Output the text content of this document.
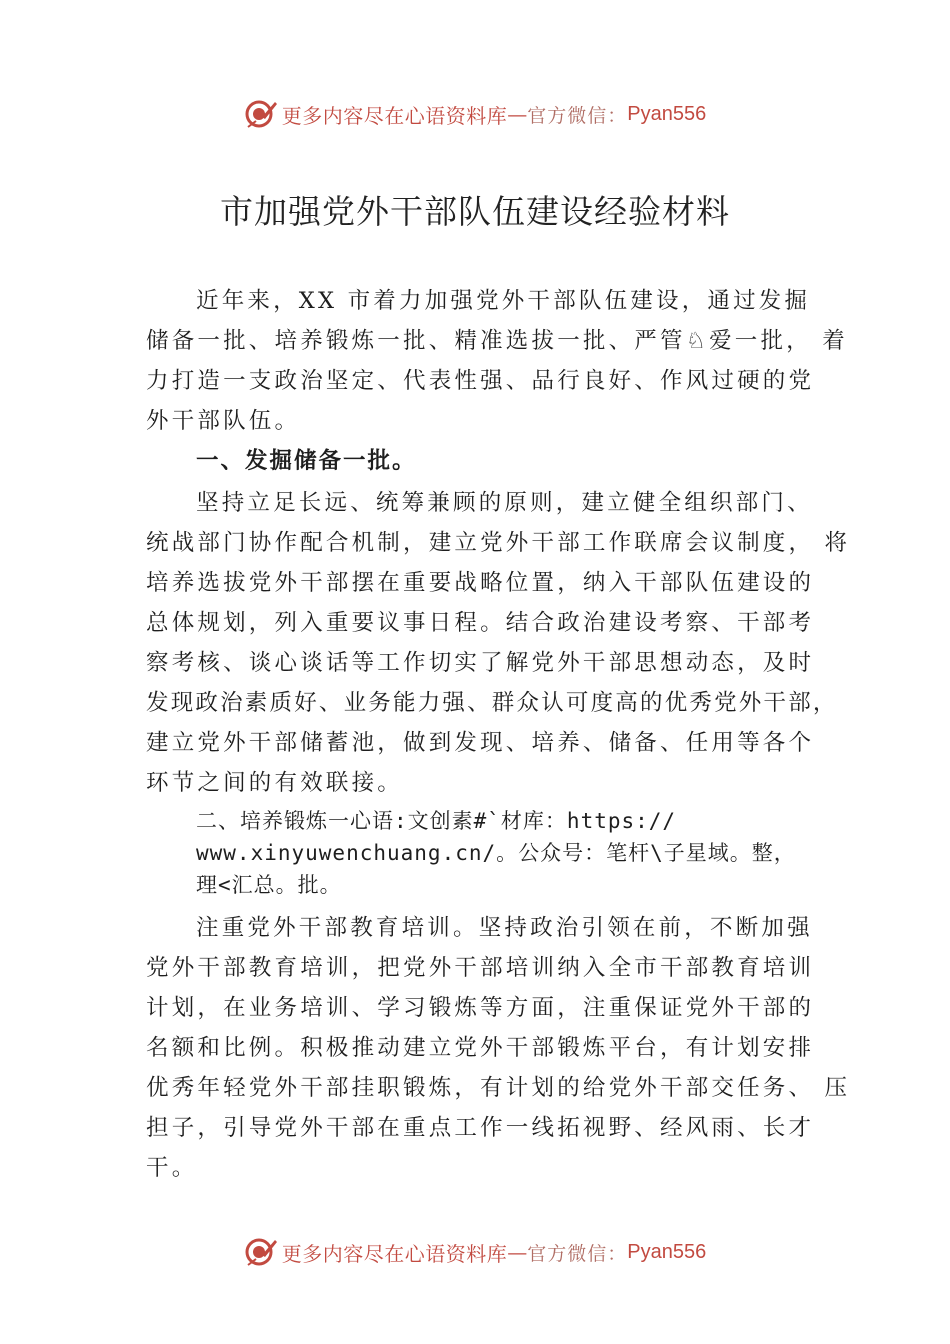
更多内容尽在心语资料库 — 官方微信： Pyan556
市加强党外干部队伍建设经验材料
近年来，XX 市着力加强党外干部队伍建设，通过发掘
储备一批、培养锻炼一批、精准选拔一批、严管♘爱一批， 着
力打造一支政治坚定、代表性强、品行良好、作风过硬的党
外干部队伍。
一、发掘储备一批。
坚持立足长远、统筹兼顾的原则，建立健全组织部门、
统战部门协作配合机制，建立党外干部工作联席会议制度， 将
培养选拔党外干部摆在重要战略位置，纳入干部队伍建设的
总体规划，列入重要议事日程。结合政治建设考察、干部考
察考核、谈心谈话等工作切实了解党外干部思想动态，及时
发现政治素质好、业务能力强、群众认可度高的优秀党外干部，
建立党外干部储蓄池，做到发现、培养、储备、任用等各个
环节之间的有效联接。
二、培养锻炼一心语:文创素#`材库：https://
www.xinyuwenchuang.cn/。公众号：笔杆\子星域。整，
理<汇总。批。
注重党外干部教育培训。坚持政治引领在前，不断加强
党外干部教育培训，把党外干部培训纳入全市干部教育培训
计划，在业务培训、学习锻炼等方面，注重保证党外干部的
名额和比例。积极推动建立党外干部锻炼平台，有计划安排
优秀年轻党外干部挂职锻炼，有计划的给党外干部交任务、 压
担子，引导党外干部在重点工作一线拓视野、经风雨、长才
干。
更多内容尽在心语资料库 — 官方微信： Pyan556
